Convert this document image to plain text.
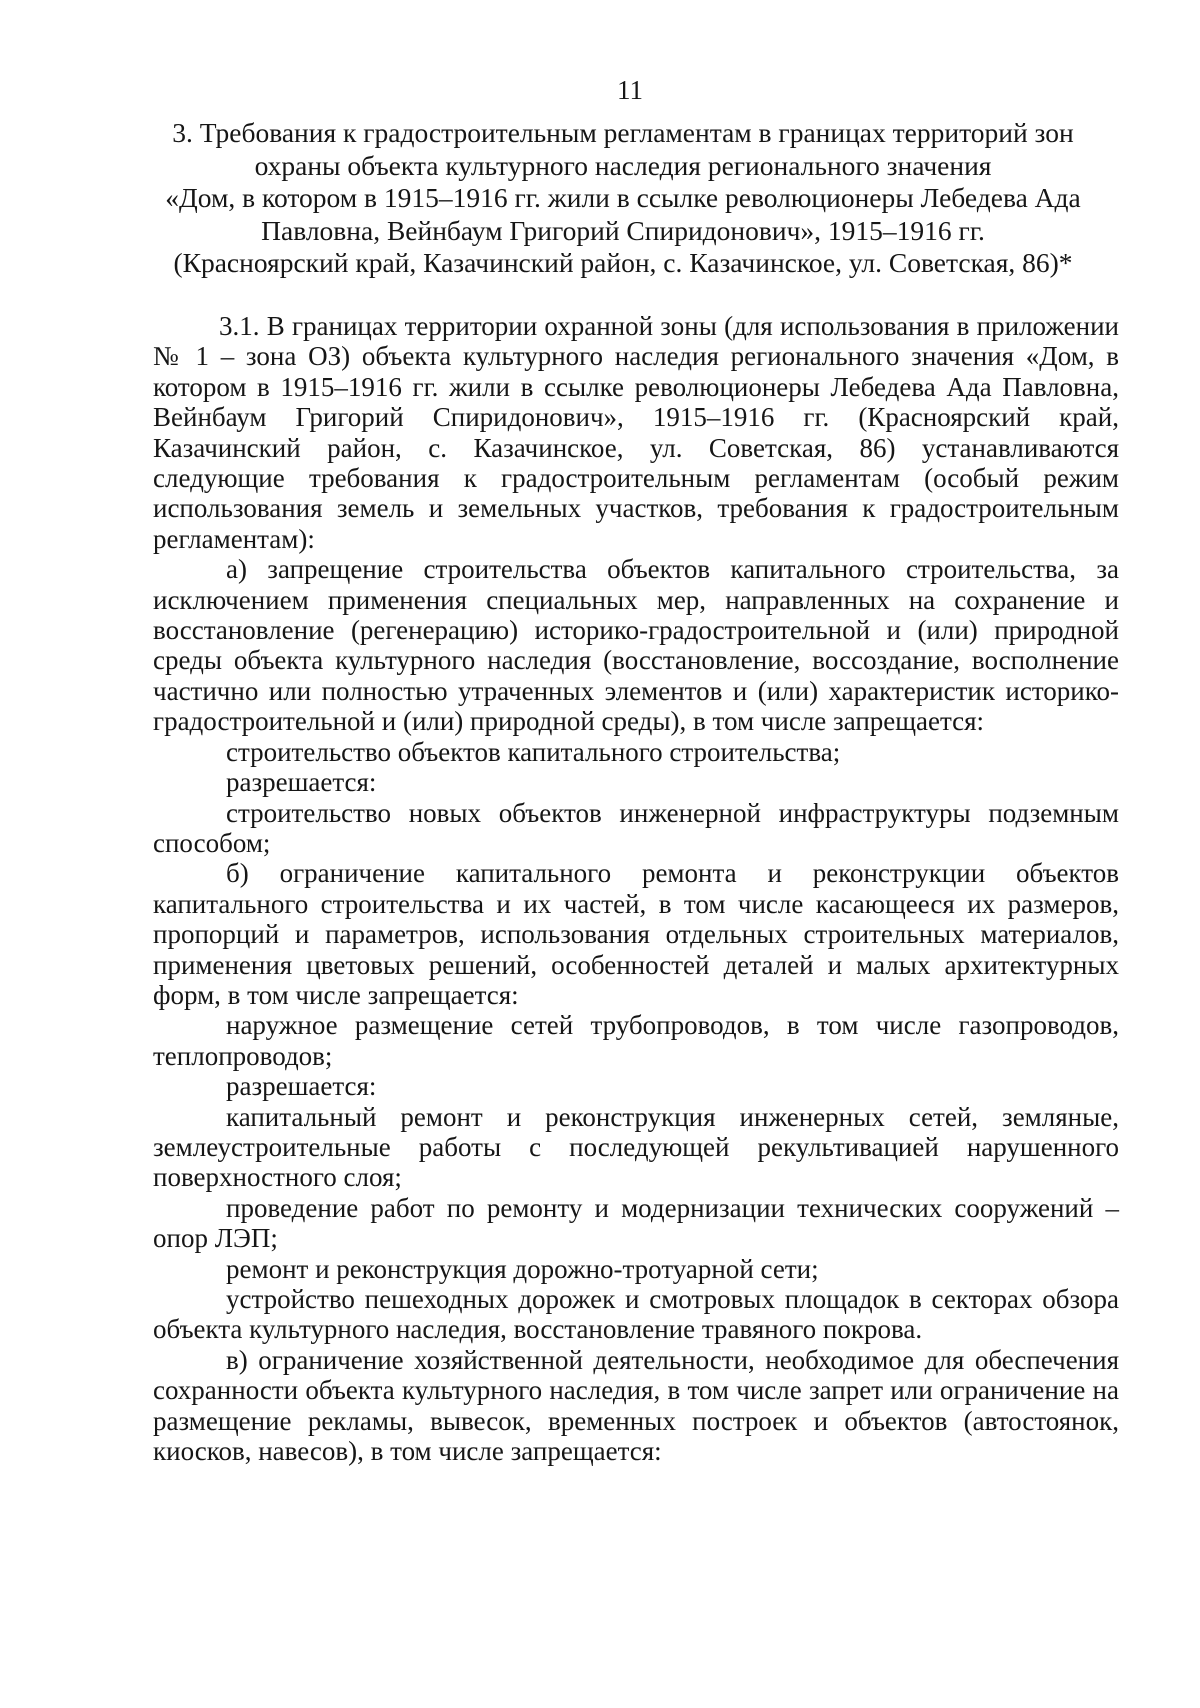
11
3. Требования к градостроительным регламентам в границах территорий зон
охраны объекта культурного наследия регионального значения
«Дом, в котором в 1915–1916 гг. жили в ссылке революционеры Лебедева Ада
Павловна, Вейнбаум Григорий Спиридонович», 1915–1916 гг.
(Красноярский край, Казачинский район, с. Казачинское, ул. Советская, 86)*

3.1. В границах территории охранной зоны (для использования в приложении № 1 – зона ОЗ) объекта культурного наследия регионального значения «Дом, в котором в 1915–1916 гг. жили в ссылке революционеры Лебедева Ада Павловна, Вейнбаум Григорий Спиридонович», 1915–1916 гг. (Красноярский край, Казачинский район, с. Казачинское, ул. Советская, 86) устанавливаются следующие требования к градостроительным регламентам (особый режим использования земель и земельных участков, требования к градостроительным регламентам):

а) запрещение строительства объектов капитального строительства, за исключением применения специальных мер, направленных на сохранение и восстановление (регенерацию) историко-градостроительной и (или) природной среды объекта культурного наследия (восстановление, воссоздание, восполнение частично или полностью утраченных элементов и (или) характеристик историко-градостроительной и (или) природной среды), в том числе запрещается:

строительство объектов капитального строительства;

разрешается:

строительство новых объектов инженерной инфраструктуры подземным способом;

б) ограничение капитального ремонта и реконструкции объектов капитального строительства и их частей, в том числе касающееся их размеров, пропорций и параметров, использования отдельных строительных материалов, применения цветовых решений, особенностей деталей и малых архитектурных форм, в том числе запрещается:

наружное размещение сетей трубопроводов, в том числе газопроводов, теплопроводов;

разрешается:

капитальный ремонт и реконструкция инженерных сетей, земляные, землеустроительные работы с последующей рекультивацией нарушенного поверхностного слоя;

проведение работ по ремонту и модернизации технических сооружений – опор ЛЭП;

ремонт и реконструкция дорожно-тротуарной сети;

устройство пешеходных дорожек и смотровых площадок в секторах обзора объекта культурного наследия, восстановление травяного покрова.

в) ограничение хозяйственной деятельности, необходимое для обеспечения сохранности объекта культурного наследия, в том числе запрет или ограничение на размещение рекламы, вывесок, временных построек и объектов (автостоянок, киосков, навесов), в том числе запрещается:
